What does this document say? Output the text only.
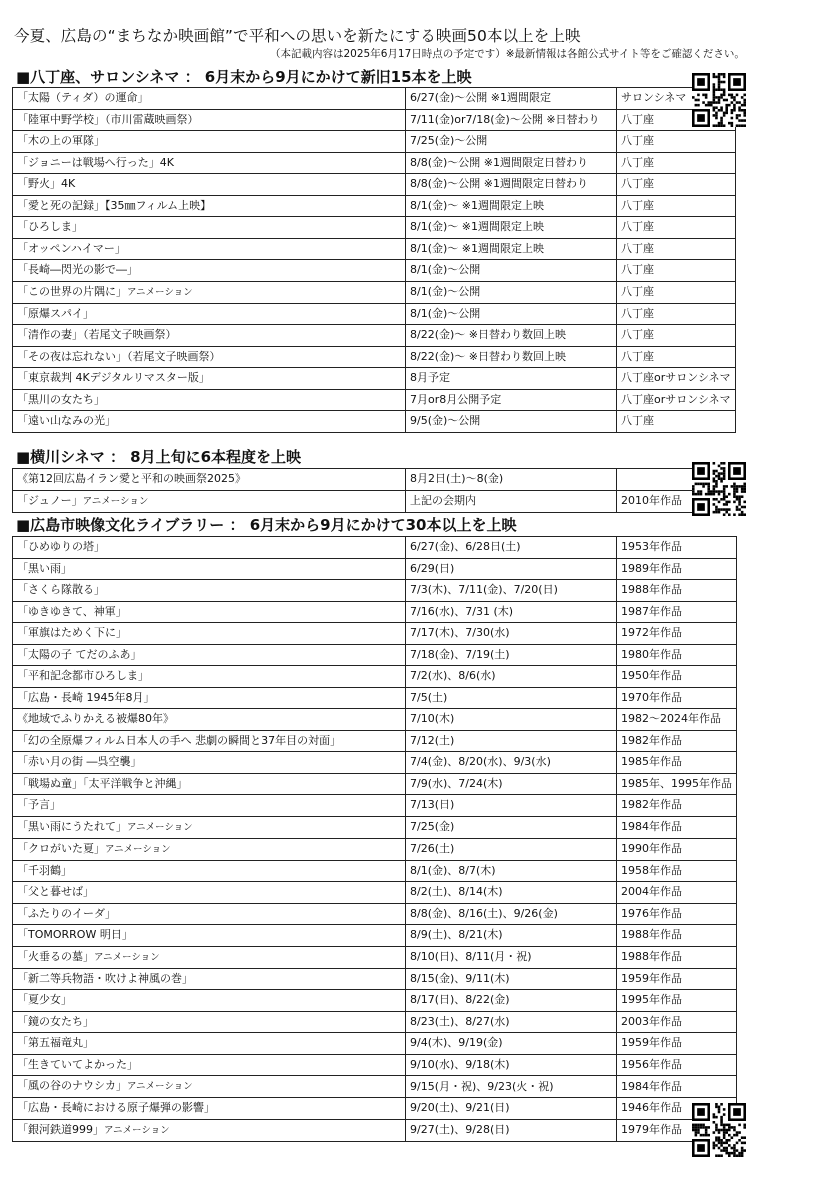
今夏、広島の“まちなか映画館”で平和への思いを新たにする映画50本以上を上映
（本記載内容は2025年6月17日時点の予定です）※最新情報は各館公式サイト等をご確認ください。
■八丁座、サロンシネマ ： 6月末から9月にかけて新旧15本を上映
「太陽（ティダ）の運命」	6/27(金)～公開 ※1週間限定	サロンシネマ
「陸軍中野学校」（市川雷蔵映画祭）	7/11(金)or7/18(金)～公開 ※日替わり	八丁座
「木の上の軍隊」	7/25(金)～公開	八丁座
「ジョニーは戦場へ行った」4K	8/8(金)～公開 ※1週間限定日替わり	八丁座
「野火」4K	8/8(金)～公開 ※1週間限定日替わり	八丁座
「愛と死の記録」【35㎜フィルム上映】	8/1(金)～ ※1週間限定上映	八丁座
「ひろしま」	8/1(金)～ ※1週間限定上映	八丁座
「オッペンハイマー」	8/1(金)～ ※1週間限定上映	八丁座
「長崎―閃光の影で―」	8/1(金)～公開	八丁座
「この世界の片隅に」アニメーション	8/1(金)～公開	八丁座
「原爆スパイ」	8/1(金)～公開	八丁座
「清作の妻」（若尾文子映画祭）	8/22(金)～ ※日替わり数回上映	八丁座
「その夜は忘れない」（若尾文子映画祭）	8/22(金)～ ※日替わり数回上映	八丁座
「東京裁判 4Kデジタルリマスター版」	8月予定	八丁座orサロンシネマ
「黒川の女たち」	7月or8月公開予定	八丁座orサロンシネマ
「遠い山なみの光」	9/5(金)～公開	八丁座
■横川シネマ ： 8月上旬に6本程度を上映
《第12回広島イラン愛と平和の映画祭2025》	8月2日(土)～8(金)	
「ジュノー」アニメーション	上記の会期内	2010年作品
■広島市映像文化ライブラリー ： 6月末から9月にかけて30本以上を上映
「ひめゆりの塔」	6/27(金)、6/28日(土)	1953年作品
「黒い雨」	6/29(日)	1989年作品
「さくら隊散る」	7/3(木)、7/11(金)、7/20(日)	1988年作品
「ゆきゆきて、神軍」	7/16(水)、7/31 (木)	1987年作品
「軍旗はためく下に」	7/17(木)、7/30(水)	1972年作品
「太陽の子 てだのふあ」	7/18(金)、7/19(土)	1980年作品
「平和記念都市ひろしま」	7/2(水)、8/6(水)	1950年作品
「広島・長崎 1945年8月」	7/5(土)	1970年作品
《地域でふりかえる被爆80年》	7/10(木)	1982～2024年作品
「幻の全原爆フィルム日本人の手へ 悲劇の瞬間と37年目の対面」	7/12(土)	1982年作品
「赤い月の街 ―呉空襲」	7/4(金)、8/20(水)、9/3(水)	1985年作品
「戦場ぬ童」「太平洋戦争と沖縄」	7/9(水)、7/24(木)	1985年、1995年作品
「予言」	7/13(日)	1982年作品
「黒い雨にうたれて」アニメーション	7/25(金)	1984年作品
「クロがいた夏」アニメーション	7/26(土)	1990年作品
「千羽鶴」	8/1(金)、8/7(木)	1958年作品
「父と暮せば」	8/2(土)、8/14(木)	2004年作品
「ふたりのイーダ」	8/8(金)、8/16(土)、9/26(金)	1976年作品
「TOMORROW 明日」	8/9(土)、8/21(木)	1988年作品
「火垂るの墓」アニメーション	8/10(日)、8/11(月・祝)	1988年作品
「新二等兵物語・吹けよ神風の巻」	8/15(金)、9/11(木)	1959年作品
「夏少女」	8/17(日)、8/22(金)	1995年作品
「鏡の女たち」	8/23(土)、8/27(水)	2003年作品
「第五福竜丸」	9/4(木)、9/19(金)	1959年作品
「生きていてよかった」	9/10(水)、9/18(木)	1956年作品
「風の谷のナウシカ」アニメーション	9/15(月・祝)、9/23(火・祝)	1984年作品
「広島・長崎における原子爆弾の影響」	9/20(土)、9/21(日)	1946年作品
「銀河鉄道999」アニメーション	9/27(土)、9/28(日)	1979年作品
